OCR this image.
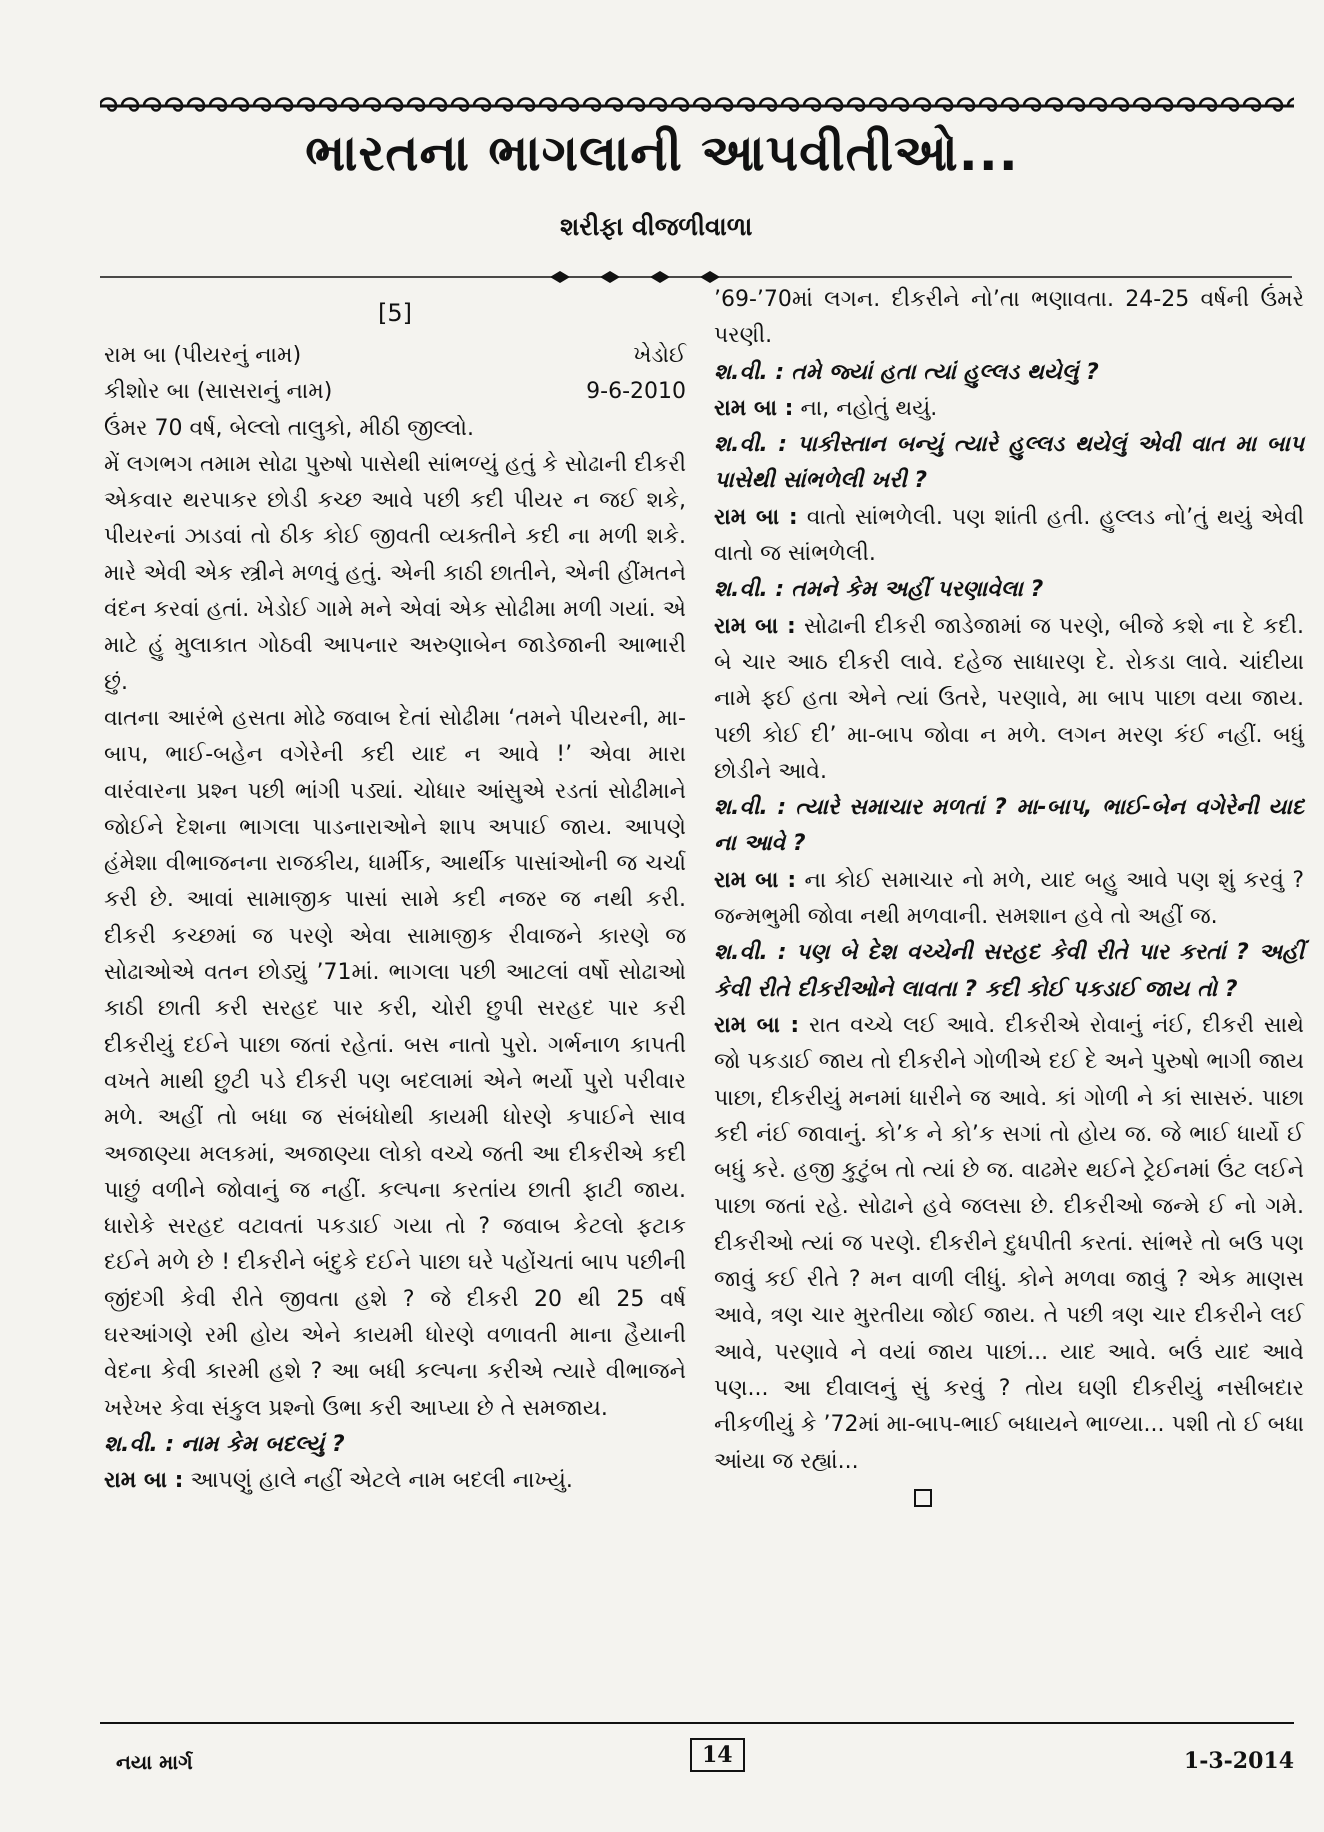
ભારતના ભાગલાની આપવીતીઓ...
શરીફા વીજળીવાળા
[5]
રામ બા (પીયરનું નામ)	ખેડોઈ
કીશોર બા (સાસરાનું નામ)	9-6-2010

ઉંમર 70 વર્ષ, બેલ્લો તાલુકો, મીઠી જીલ્લો.

મેં લગભગ તમામ સોઢા પુરુષો પાસેથી સાંભળ્યું હતું કે સોઢાની દીકરી એકવાર થરપાકર છોડી કચ્છ આવે પછી કદી પીયર ન જઈ શકે, પીયરનાં ઝાડવાં તો ઠીક કોઈ જીવતી વ્યક્તીને કદી ના મળી શકે. મારે એવી એક સ્ત્રીને મળવું હતું. એની કાઠી છાતીને, એની હીંમતને વંદન કરવાં હતાં. ખેડોઈ ગામે મને એવાં એક સોઢીમા મળી ગયાં. એ માટે હું મુલાકાત ગોઠવી આપનાર અરુણાબેન જાડેજાની આભારી છું.

વાતના આરંભે હસતા મોઢે જવાબ દેતાં સોઢીમા ‘તમને પીયરની, મા-બાપ, ભાઈ-બહેન વગેરેની કદી યાદ ન આવે !’ એવા મારા વારંવારના પ્રશ્ન પછી ભાંગી પડ્યાં. ચોધાર આંસુએ રડતાં સોઢીમાને જોઈને દેશના ભાગલા પાડનારાઓને શાપ અપાઈ જાય. આપણે હંમેશા વીભાજનના રાજકીય, ધાર્મીક, આર્થીક પાસાંઓની જ ચર્ચા કરી છે. આવાં સામાજીક પાસાં સામે કદી નજર જ નથી કરી. દીકરી કચ્છમાં જ પરણે એવા સામાજીક રીવાજને કારણે જ સોઢાઓએ વતન છોડ્યું ’71માં. ભાગલા પછી આટલાં વર્ષો સોઢાઓ કાઠી છાતી કરી સરહદ પાર કરી, ચોરી છુપી સરહદ પાર કરી દીકરીયું દઈને પાછા જતાં રહેતાં. બસ નાતો પુરો. ગર્ભનાળ કાપતી વખતે માથી છુટી પડે દીકરી પણ બદલામાં એને ભર્યો પુરો પરીવાર મળે. અહીં તો બધા જ સંબંધોથી કાયમી ધોરણે કપાઈને સાવ અજાણ્યા મલકમાં, અજાણ્યા લોકો વચ્ચે જતી આ દીકરીએ કદી પાછું વળીને જોવાનું જ નહીં. કલ્પના કરતાંય છાતી ફાટી જાય. ધારોકે સરહદ વટાવતાં પકડાઈ ગયા તો ? જવાબ કેટલો ફટાક દઈને મળે છે ! દીકરીને બંદુકે દઈને પાછા ઘરે પહોંચતાં બાપ પછીની જીંદગી કેવી રીતે જીવતા હશે ? જે દીકરી 20 થી 25 વર્ષ ઘરઆંગણે રમી હોય એને કાયમી ધોરણે વળાવતી માના હૈયાની વેદના કેવી કારમી હશે ? આ બધી કલ્પના કરીએ ત્યારે વીભાજને ખરેખર કેવા સંકુલ પ્રશ્નો ઉભા કરી આપ્યા છે તે સમજાય.

શ.વી. : નામ કેમ બદલ્યું ?

રામ બા : આપણું હાલે નહીં એટલે નામ બદલી નાખ્યું.

’69-’70માં લગન. દીકરીને નો’તા ભણાવતા. 24-25 વર્ષની ઉંમરે પરણી.

શ.વી. : તમે જ્યાં હતા ત્યાં હુલ્લડ થયેલું ?

રામ બા : ના, નહોતું થયું.

શ.વી. : પાકીસ્તાન બન્યું ત્યારે હુલ્લડ થયેલું એવી વાત મા બાપ પાસેથી સાંભળેલી ખરી ?

રામ બા : વાતો સાંભળેલી. પણ શાંતી હતી. હુલ્લડ નો’તું થયું એવી વાતો જ સાંભળેલી.

શ.વી. : તમને કેમ અહીં પરણાવેલા ?

રામ બા : સોઢાની દીકરી જાડેજામાં જ પરણે, બીજે કશે ના દે કદી. બે ચાર આઠ દીકરી લાવે. દહેજ સાધારણ દે. રોકડા લાવે. ચાંદીયા નામે ફઈ હતા એને ત્યાં ઉતરે, પરણાવે, મા બાપ પાછા વયા જાય. પછી કોઈ દી’ મા-બાપ જોવા ન મળે. લગન મરણ કંઈ નહીં. બધું છોડીને આવે.

શ.વી. : ત્યારે સમાચાર મળતાં ? મા-બાપ, ભાઈ-બેન વગેરેની યાદ ના આવે ?

રામ બા : ના કોઈ સમાચાર નો મળે, યાદ બહુ આવે પણ શું કરવું ? જન્મભુમી જોવા નથી મળવાની. સમશાન હવે તો અહીં જ.

શ.વી. : પણ બે દેશ વચ્ચેની સરહદ કેવી રીતે પાર કરતાં ? અહીં કેવી રીતે દીકરીઓને લાવતા ? કદી કોઈ પકડાઈ જાય તો ?

રામ બા : રાત વચ્ચે લઈ આવે. દીકરીએ રોવાનું નંઈ, દીકરી સાથે જો પકડાઈ જાય તો દીકરીને ગોળીએ દઈ દે અને પુરુષો ભાગી જાય પાછા, દીકરીયું મનમાં ધારીને જ આવે. કાં ગોળી ને કાં સાસરું. પાછા કદી નંઈ જાવાનું. કો’ક ને કો’ક સગાં તો હોય જ. જે ભાઈ ધાર્યો ઈ બધું કરે. હજી કુટુંબ તો ત્યાં છે જ. વાઢમેર થઈને ટ્રેઈનમાં ઉંટ લઈને પાછા જતાં રહે. સોઢાને હવે જલસા છે. દીકરીઓ જન્મે ઈ નો ગમે. દીકરીઓ ત્યાં જ પરણે. દીકરીને દુધપીતી કરતાં. સાંભરે તો બઉ પણ જાવું કઈ રીતે ? મન વાળી લીધું. કોને મળવા જાવું ? એક માણસ આવે, ત્રણ ચાર મુરતીયા જોઈ જાય. તે પછી ત્રણ ચાર દીકરીને લઈ આવે, પરણાવે ને વયાં જાય પાછાં... યાદ આવે. બઉં યાદ આવે પણ... આ દીવાલનું સું કરવું ? તોય ઘણી દીકરીયું નસીબદાર નીકળીયું કે ’72માં મા-બાપ-ભાઈ બધાયને ભાળ્યા... પશી તો ઈ બધા આંયા જ રહ્યાં...

નયા માર્ગ	14	1-3-2014
